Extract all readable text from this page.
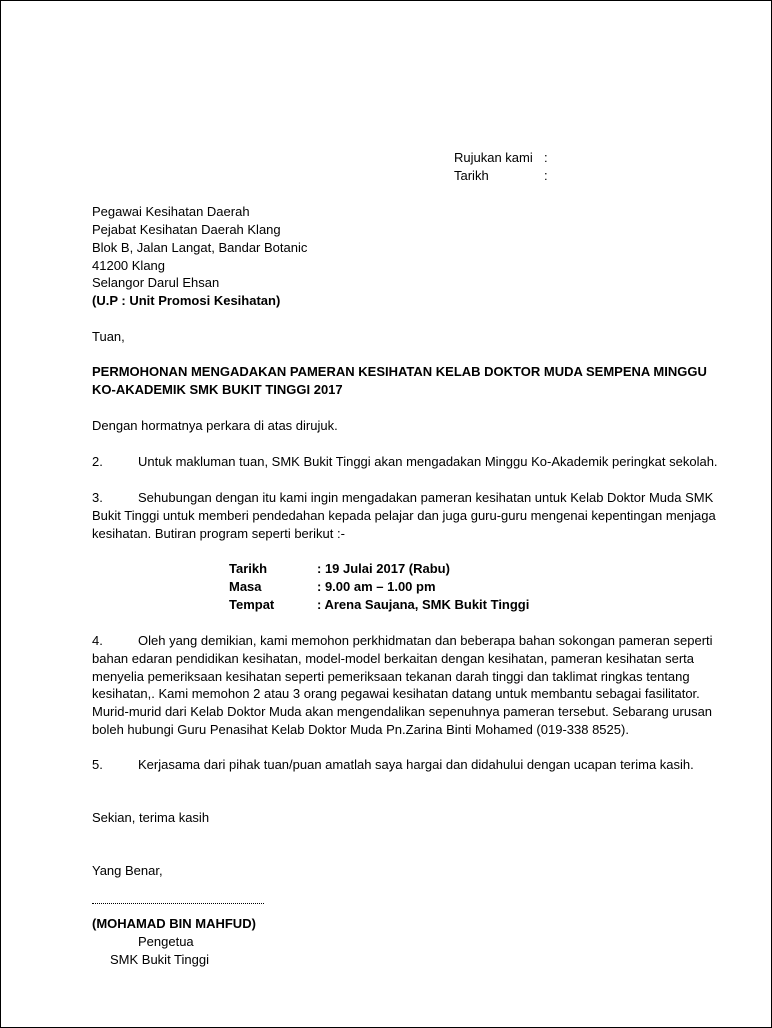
Rujukan kami :
Tarikh	:
Pegawai Kesihatan Daerah
Pejabat Kesihatan Daerah Klang
Blok B, Jalan Langat, Bandar Botanic
41200 Klang
Selangor Darul Ehsan
(U.P : Unit Promosi Kesihatan)
Tuan,
PERMOHONAN MENGADAKAN PAMERAN KESIHATAN KELAB DOKTOR MUDA SEMPENA MINGGU
KO-AKADEMIK SMK BUKIT TINGGI 2017
Dengan hormatnya perkara di atas dirujuk.
2.	Untuk makluman tuan, SMK Bukit Tinggi akan mengadakan Minggu Ko-Akademik peringkat sekolah.
3.	Sehubungan dengan itu kami ingin mengadakan pameran kesihatan untuk Kelab Doktor Muda SMK
Bukit Tinggi untuk memberi pendedahan kepada pelajar dan juga guru-guru mengenai kepentingan menjaga
kesihatan. Butiran program seperti berikut :-
Tarikh	: 19 Julai 2017 (Rabu)
Masa	: 9.00 am – 1.00 pm
Tempat	: Arena Saujana, SMK Bukit Tinggi
4.	Oleh yang demikian, kami memohon perkhidmatan dan beberapa bahan sokongan pameran seperti
bahan edaran pendidikan kesihatan, model-model berkaitan dengan kesihatan, pameran kesihatan serta
menyelia pemeriksaan kesihatan seperti pemeriksaan tekanan darah tinggi dan taklimat ringkas tentang
kesihatan,. Kami memohon 2 atau 3 orang pegawai kesihatan datang untuk membantu sebagai fasilitator.
Murid-murid dari Kelab Doktor Muda akan mengendalikan sepenuhnya pameran tersebut. Sebarang urusan
boleh hubungi Guru Penasihat Kelab Doktor Muda Pn.Zarina Binti Mohamed (019-338 8525).
5.	Kerjasama dari pihak tuan/puan amatlah saya hargai dan didahului dengan ucapan terima kasih.
Sekian, terima kasih
Yang Benar,
(MOHAMAD BIN MAHFUD)
Pengetua
SMK Bukit Tinggi
